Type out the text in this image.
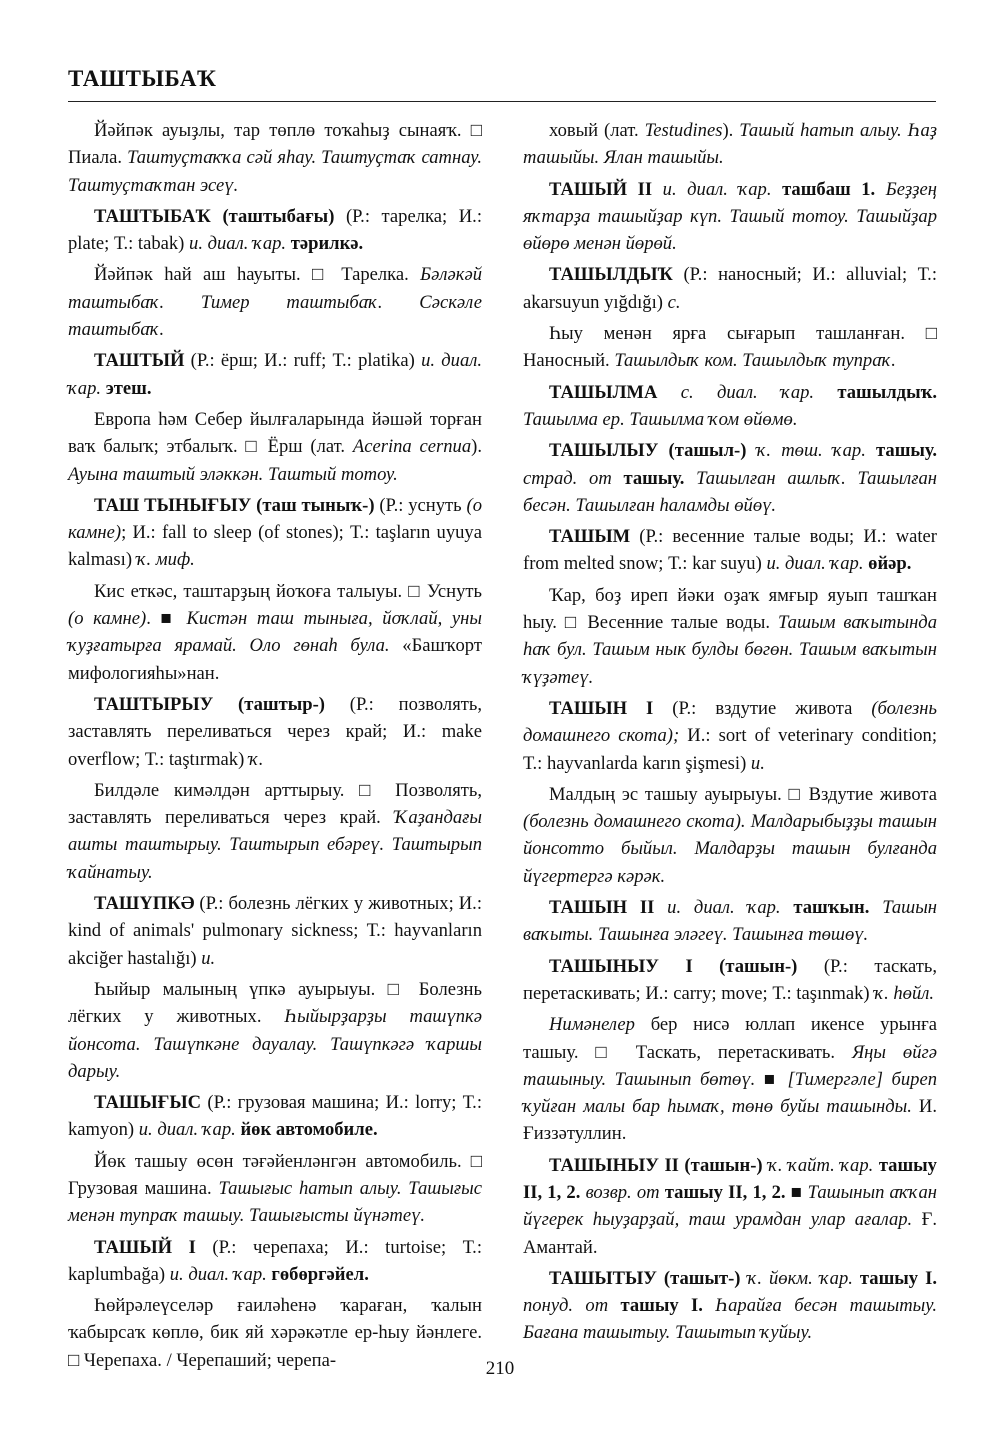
ТАШТЫБАҠ

Йәйпәк ауыҙлы, тар төплө тоҡаһыҙ сынаяҡ. □ Пиала. Таштуҫтаҡҡа сәй яһау. Таштуҫтаҡ сатнау. Таштуҫтаҡтан эсеү.

ТАШТЫБАҠ (таштыбағы) (Р.: тарелка; И.: plate; Т.: tabak) и. диал. ҡар. тәрилкә.

Йәйпәк һай аш һауыты. □ Тарелка. Бәләкәй таштыбаҡ. Тимер таштыбаҡ. Сәскәле таштыбаҡ.

ТАШТЫЙ (Р.: ёрш; И.: ruff; Т.: platika) и. диал. ҡар. этеш.

Европа һәм Себер йылғаларында йәшәй торған ваҡ балыҡ; этбалыҡ. □ Ёрш (лат. Acerina cernua). Ауына таштый эләккән. Таштый тотоу.

ТАШ ТЫНЫҒЫУ (таш тыныҡ-) (Р.: уснуть (о камне); И.: fall to sleep (of stones); Т.: taşların uyuya kalması) ҡ. миф.

Кис еткәс, таштарҙың йоҡоға талыуы. □ Уснуть (о камне). ■ Кистән таш тыныға, йоҡлай, уны ҡуҙғатырға ярамай. Оло гөнаһ була. «Башҡорт мифологияһы»нан.

ТАШТЫРЫУ (таштыр-) (Р.: позволять, заставлять переливаться через край; И.: make overflow; Т.: taştırmak) ҡ.

Билдәле кимәлдән арттырыу. □ Позволять, заставлять переливаться через край. Ҡаҙандағы ашты таштырыу. Таштырып ебәреү. Таштырып ҡайнатыу.

ТАШҮПКӘ (Р.: болезнь лёгких у животных; И.: kind of animals' pulmonary sickness; Т.: hayvanların akciğer hastalığı) и.

Һыйыр малының үпкә ауырыуы. □ Болезнь лёгких у животных. Һыйырҙарҙы ташүпкә йонсота. Ташүпкәне дауалау. Ташүпкәгә ҡаршы дарыу.

ТАШЫҒЫС (Р.: грузовая машина; И.: lorry; Т.: kamyon) и. диал. ҡар. йөк автомобиле.

Йөк ташыу өсөн тәғәйенләнгән автомобиль. □ Грузовая машина. Ташығыс һатып алыу. Ташығыс менән тупраҡ ташыу. Ташығысты йүнәтеү.

ТАШЫЙ I (Р.: черепаха; И.: turtoise; Т.: kaplumbağa) и. диал. ҡар. гөбөргәйел.

Һөйрәлеүселәр ғаиләһенә ҡараған, ҡалын ҡабырсаҡ көплө, бик яй хәрәкәтле ер-һыу йәнлеге. □ Черепаха. / Черепаший; черепа-

ховый (лат. Testudines). Ташый һатып алыу. Һаҙ ташыйы. Ялан ташыйы.

ТАШЫЙ II и. диал. ҡар. ташбаш 1. Беҙҙең яҡтарҙа ташыйҙар күп. Ташый тотоу. Ташыйҙар өйөрө менән йөрөй.

ТАШЫЛДЫҠ (Р.: наносный; И.: alluvial; Т.: akarsuyun yığdığı) с.

Һыу менән ярға сығарып ташланған. □ Наносный. Ташылдыҡ ком. Ташылдыҡ тупраҡ.

ТАШЫЛМА с. диал. ҡар. ташылдыҡ. Ташылма ер. Ташылма ҡом өйөмө.

ТАШЫЛЫУ (ташыл-) ҡ. төш. ҡар. ташыу. страд. от ташыу. Ташылған ашлыҡ. Ташылған бесән. Ташылған һаламды өйөү.

ТАШЫМ (Р.: весенние талые воды; И.: water from melted snow; Т.: kar suyu) и. диал. ҡар. өйәр.

Ҡар, боҙ иреп йәки оҙаҡ ямғыр яуып ташҡан һыу. □ Весенние талые воды. Ташым ваҡытында һаҡ бул. Ташым нык булды бөгөн. Ташым ваҡытын ҡүҙәтеү.

ТАШЫН I (Р.: вздутие живота (болезнь домашнего скота); И.: sort of veterinary condition; Т.: hayvanlarda karın şişmesi) и.

Малдың эс ташыу ауырыуы. □ Вздутие живота (болезнь домашнего скота). Малдарыбыҙҙы ташын йонсотто быйыл. Малдарҙы ташын булғанда йүгертергә кәрәк.

ТАШЫН II и. диал. ҡар. ташҡын. Ташын ваҡыты. Ташынға эләгеү. Ташынға төшөү.

ТАШЫНЫУ I (ташын-) (Р.: таскать, перетаскивать; И.: carry; move; Т.: taşınmak) ҡ. һөйл.

Нимәнелер бер нисә юллап икенсе урынға ташыу. □ Таскать, перетаскивать. Яңы өйгә ташыныу. Ташынып бөтөү. ■ [Тимергәле] биреп ҡуйған малы бар һымаҡ, төнө буйы ташынды. И. Ғиззәтуллин.

ТАШЫНЫУ II (ташын-) ҡ. ҡайт. ҡар. ташыу II, 1, 2. возвр. от ташыу II, 1, 2. ■ Ташынып аҡҡан йүгерек һыуҙарҙай, таш урамдан улар ағалар. Ғ. Амантай.

ТАШЫТЫУ (ташыт-) ҡ. йөкм. ҡар. ташыу I. понуд. от ташыу I. Һарайға бесән ташытыу. Бағана ташытыу. Ташытып ҡуйыу.

210
